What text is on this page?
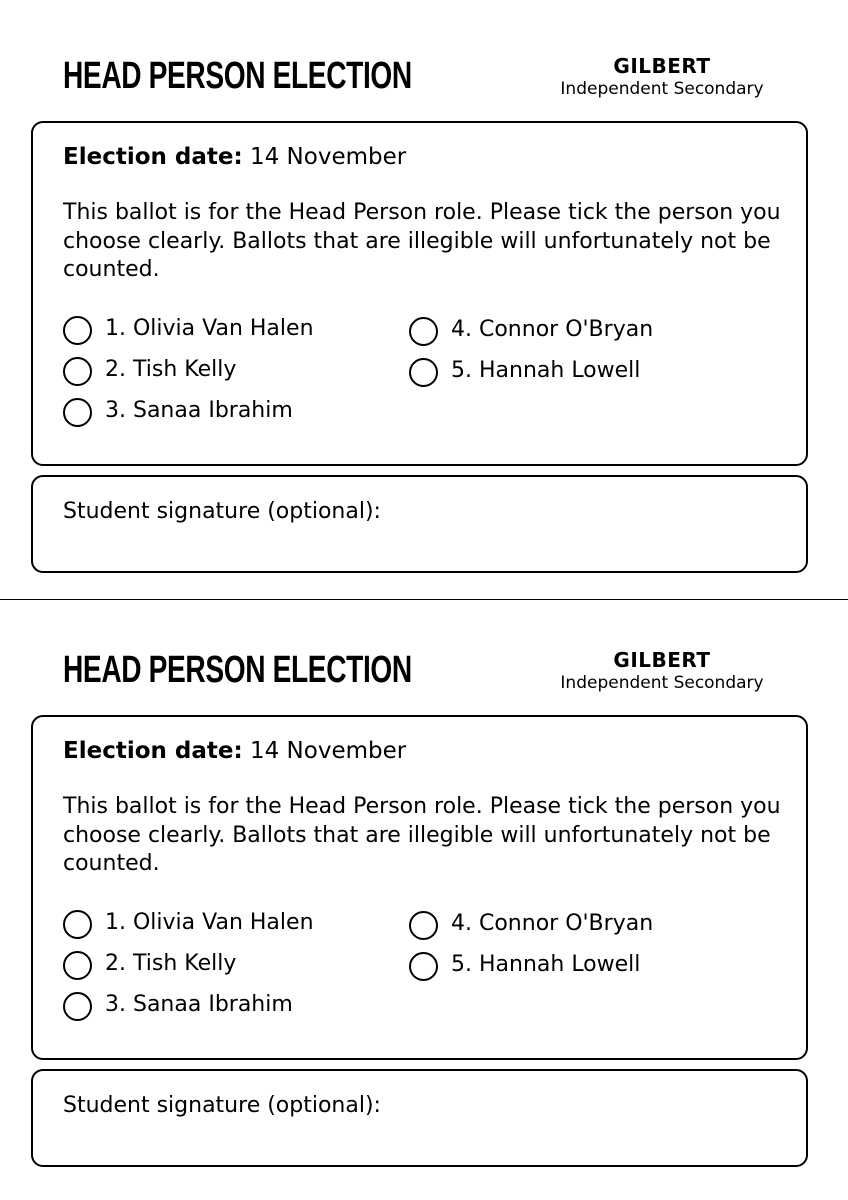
HEAD PERSON ELECTION	GILBERT
Independent Secondary
Election date: 14 November
This ballot is for the Head Person role. Please tick the person you choose clearly. Ballots that are illegible will unfortunately not be counted.
1. Olivia Van Halen
2. Tish Kelly
3. Sanaa Ibrahim
4. Connor O'Bryan
5. Hannah Lowell
Student signature (optional):
HEAD PERSON ELECTION	GILBERT
Independent Secondary
Election date: 14 November
This ballot is for the Head Person role. Please tick the person you choose clearly. Ballots that are illegible will unfortunately not be counted.
1. Olivia Van Halen
2. Tish Kelly
3. Sanaa Ibrahim
4. Connor O'Bryan
5. Hannah Lowell
Student signature (optional):
